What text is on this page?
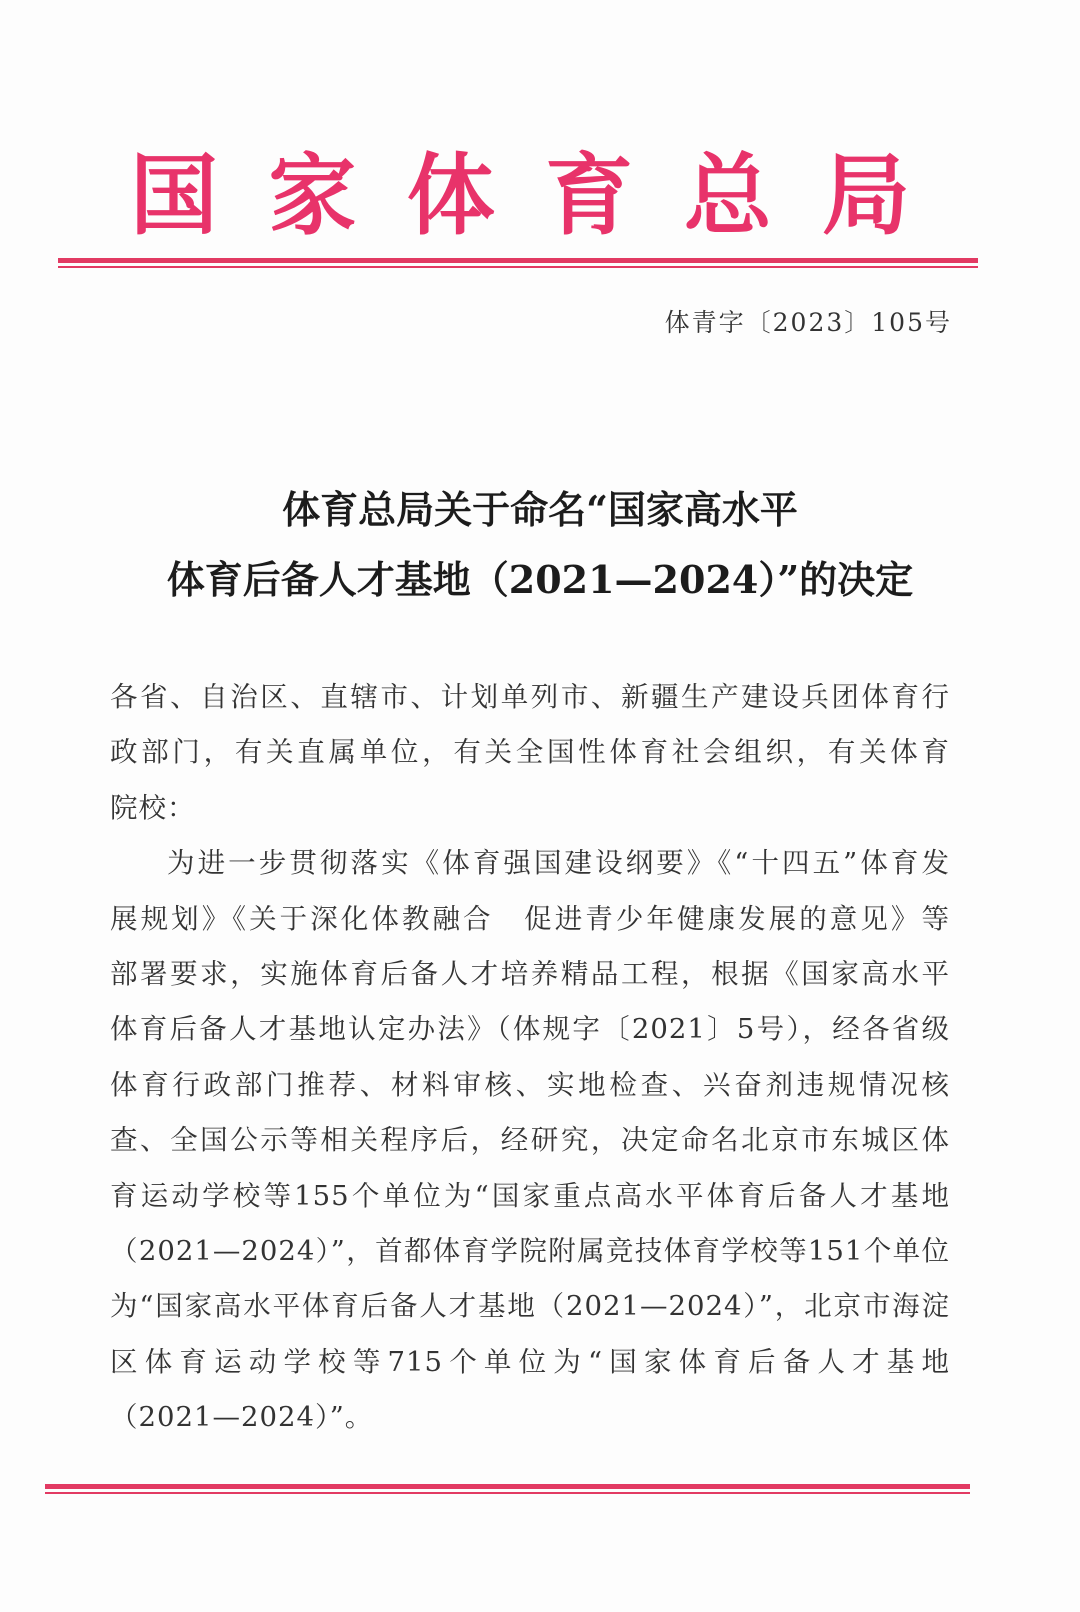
国 家 体 育 总 局
体青字〔2023〕105号
体育总局关于命名“国家高水平
体育后备人才基地（2021—2024）”的决定

各省、自治区、直辖市、计划单列市、新疆生产建设兵团体育行

政部门，有关直属单位，有关全国性体育社会组织，有关体育

院校：

为进一步贯彻落实《体育强国建设纲要》《“十四五”体育发

展规划》《关于深化体教融合　促进青少年健康发展的意见》等

部署要求，实施体育后备人才培养精品工程，根据《国家高水平

体育后备人才基地认定办法》（体规字〔2021〕5号），经各省级

体育行政部门推荐、材料审核、实地检查、兴奋剂违规情况核

查、全国公示等相关程序后，经研究，决定命名北京市东城区体

育运动学校等155个单位为“国家重点高水平体育后备人才基地

（2021—2024）”，首都体育学院附属竞技体育学校等151个单位

为“国家高水平体育后备人才基地（2021—2024）”，北京市海淀

区体育运动学校等715个单位为“国家体育后备人才基地

（2021—2024）”。
